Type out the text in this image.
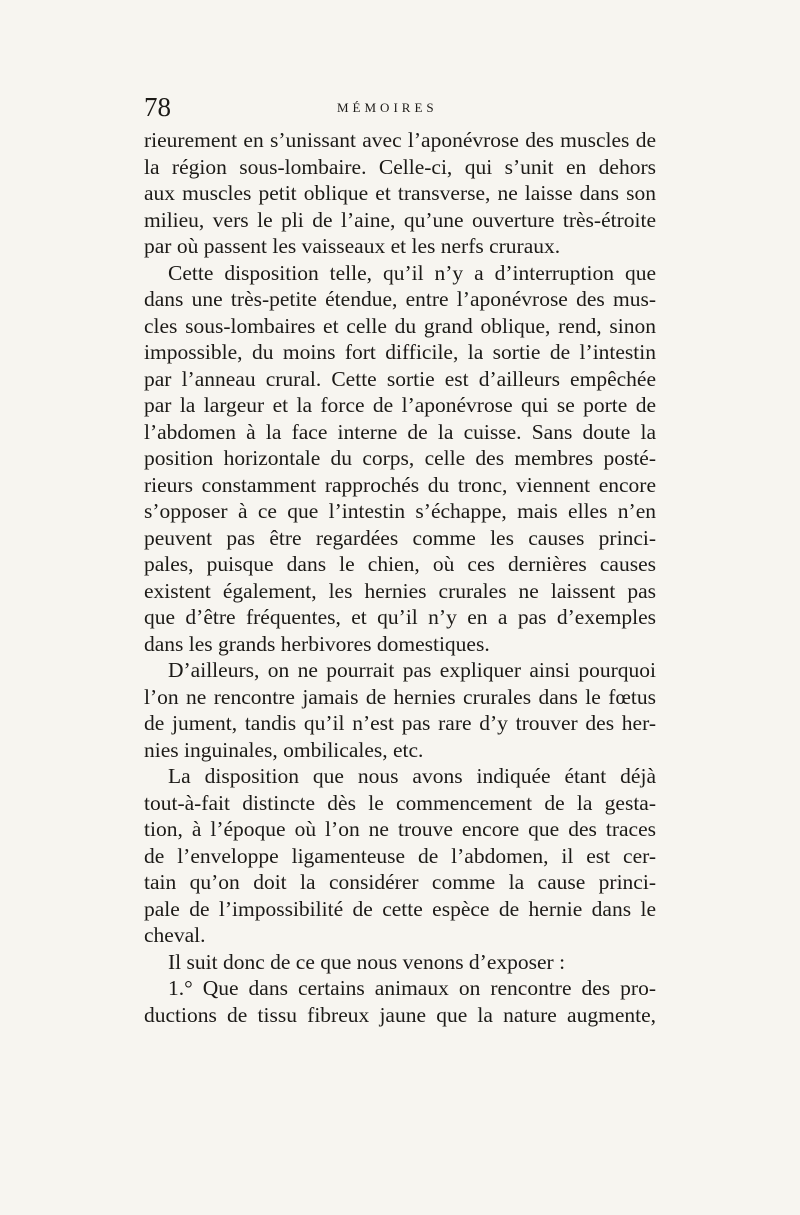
78	MÉMOIRES
rieurement en s’unissant avec l’aponévrose des muscles de
la région sous-lombaire. Celle-ci, qui s’unit en dehors
aux muscles petit oblique et transverse, ne laisse dans son
milieu, vers le pli de l’aine, qu’une ouverture très-étroite
par où passent les vaisseaux et les nerfs cruraux.
Cette disposition telle, qu’il n’y a d’interruption que
dans une très-petite étendue, entre l’aponévrose des mus-
cles sous-lombaires et celle du grand oblique, rend, sinon
impossible, du moins fort difficile, la sortie de l’intestin
par l’anneau crural. Cette sortie est d’ailleurs empêchée
par la largeur et la force de l’aponévrose qui se porte de
l’abdomen à la face interne de la cuisse. Sans doute la
position horizontale du corps, celle des membres posté-
rieurs constamment rapprochés du tronc, viennent encore
s’opposer à ce que l’intestin s’échappe, mais elles n’en
peuvent pas être regardées comme les causes princi-
pales, puisque dans le chien, où ces dernières causes
existent également, les hernies crurales ne laissent pas
que d’être fréquentes, et qu’il n’y en a pas d’exemples
dans les grands herbivores domestiques.
D’ailleurs, on ne pourrait pas expliquer ainsi pourquoi
l’on ne rencontre jamais de hernies crurales dans le fœtus
de jument, tandis qu’il n’est pas rare d’y trouver des her-
nies inguinales, ombilicales, etc.
La disposition que nous avons indiquée étant déjà
tout-à-fait distincte dès le commencement de la gesta-
tion, à l’époque où l’on ne trouve encore que des traces
de l’enveloppe ligamenteuse de l’abdomen, il est cer-
tain qu’on doit la considérer comme la cause princi-
pale de l’impossibilité de cette espèce de hernie dans le
cheval.
Il suit donc de ce que nous venons d’exposer :
1.° Que dans certains animaux on rencontre des pro-
ductions de tissu fibreux jaune que la nature augmente,
